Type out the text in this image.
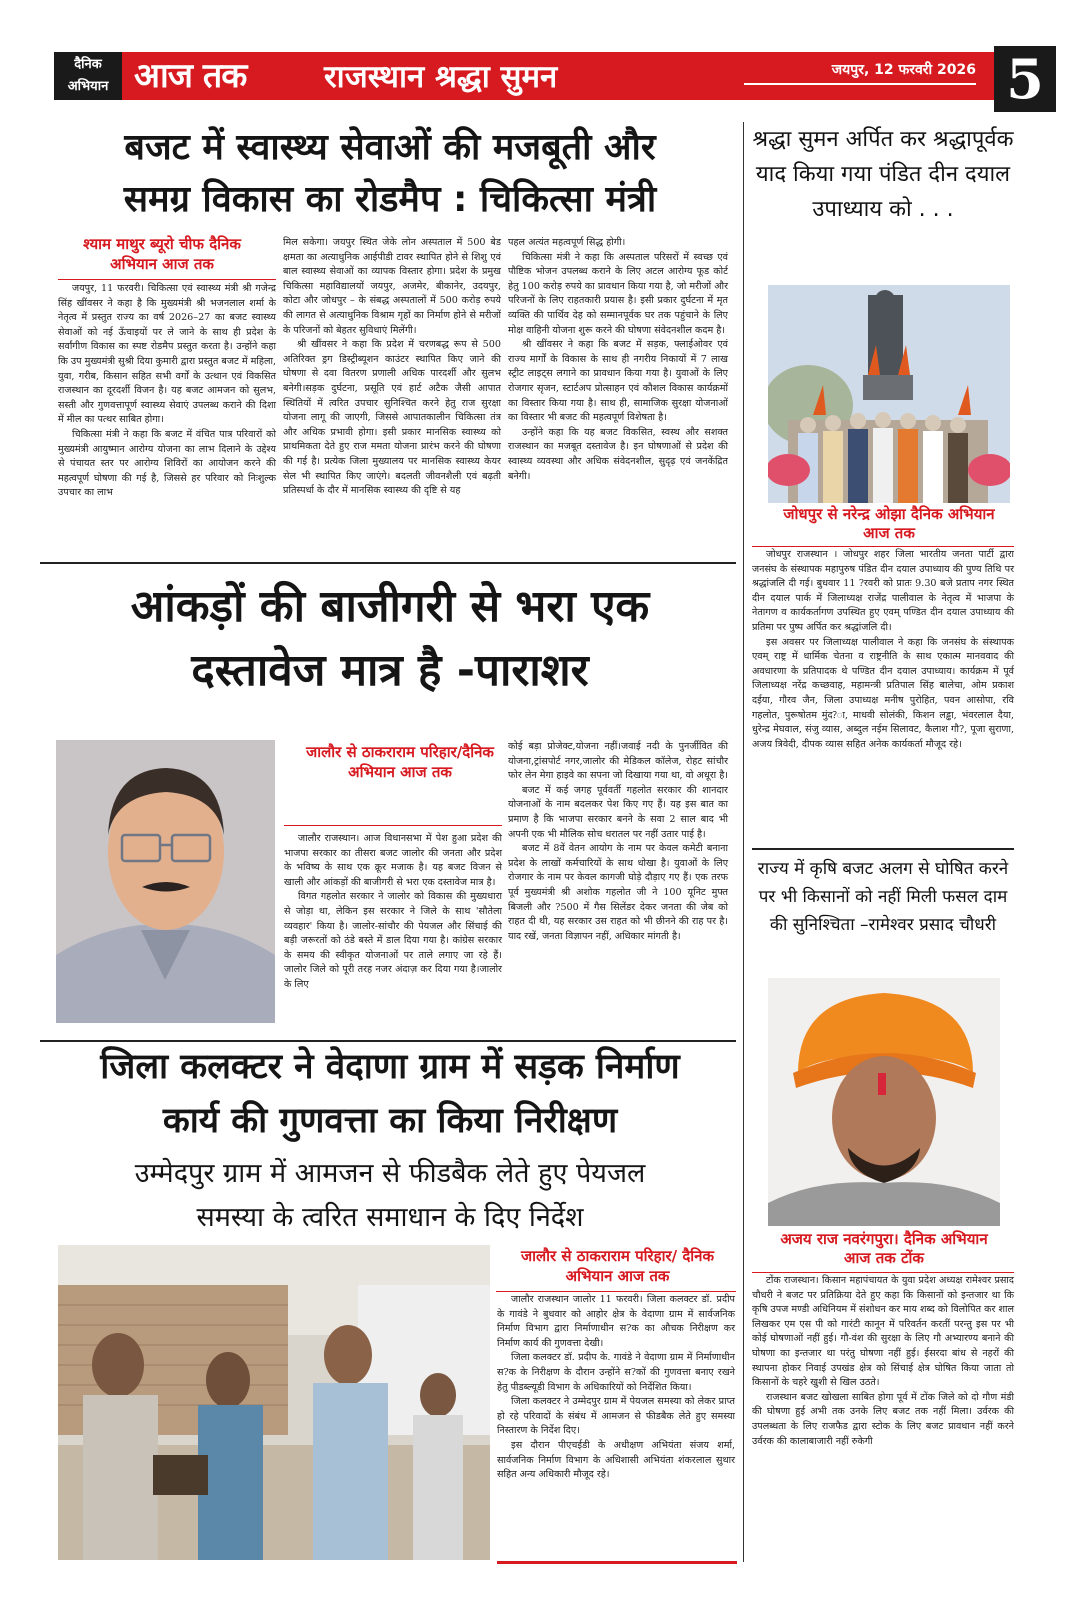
दैनिक
अभियान आज तक	राजस्थान श्रद्धा सुमन	जयपुर, 12 फरवरी 2026 5
बजट में स्वास्थ्य सेवाओं की मजबूती और
समग्र विकास का रोडमैप : चिकित्सा मंत्री
श्याम माथुर ब्यूरो चीफ दैनिक अभियान आज तक

जयपुर, 11 फरवरी। चिकित्सा एवं स्वास्थ्य मंत्री श्री गजेन्द्र सिंह खींवसर ने कहा है कि मुख्यमंत्री श्री भजनलाल शर्मा के नेतृत्व में प्रस्तुत राज्य का वर्ष 2026–27 का बजट स्वास्थ्य सेवाओं को नई ऊँचाइयों पर ले जाने के साथ ही प्रदेश के सर्वांगीण विकास का स्पष्ट रोडमैप प्रस्तुत करता है। उन्होंने कहा कि उप मुख्यमंत्री सुश्री दिया कुमारी द्वारा प्रस्तुत बजट में महिला, युवा, गरीब, किसान सहित सभी वर्गों के उत्थान एवं विकसित राजस्थान का दूरदर्शी विजन है। यह बजट आमजन को सुलभ, सस्ती और गुणवत्तापूर्ण स्वास्थ्य सेवाएं उपलब्ध कराने की दिशा में मील का पत्थर साबित होगा।

चिकित्सा मंत्री ने कहा कि बजट में वंचित पात्र परिवारों को मुख्यमंत्री आयुष्मान आरोग्य योजना का लाभ दिलाने के उद्देश्य से पंचायत स्तर पर आरोग्य शिविरों का आयोजन करने की महत्वपूर्ण घोषणा की गई है, जिससे हर परिवार को निःशुल्क उपचार का लाभ

मिल सकेगा। जयपुर स्थित जेके लोन अस्पताल में 500 बेड क्षमता का अत्याधुनिक आईपीडी टावर स्थापित होने से शिशु एवं बाल स्वास्थ्य सेवाओं का व्यापक विस्तार होगा। प्रदेश के प्रमुख चिकित्सा महाविद्यालयों जयपुर, अजमेर, बीकानेर, उदयपुर, कोटा और जोधपुर – के संबद्ध अस्पतालों में 500 करोड़ रुपये की लागत से अत्याधुनिक विश्राम गृहों का निर्माण होने से मरीजों के परिजनों को बेहतर सुविधाएं मिलेंगी।

श्री खींवसर ने कहा कि प्रदेश में चरणबद्ध रूप से 500 अतिरिक्त ड्रग डिस्ट्रीब्यूशन काउंटर स्थापित किए जाने की घोषणा से दवा वितरण प्रणाली अधिक पारदर्शी और सुलभ बनेगी।सड़क दुर्घटना, प्रसूति एवं हार्ट अटैक जैसी आपात स्थितियों में त्वरित उपचार सुनिश्चित करने हेतु राज सुरक्षा योजना लागू की जाएगी, जिससे आपातकालीन चिकित्सा तंत्र और अधिक प्रभावी होगा। इसी प्रकार मानसिक स्वास्थ्य को प्राथमिकता देते हुए राज ममता योजना प्रारंभ करने की घोषणा की गई है। प्रत्येक जिला मुख्यालय पर मानसिक स्वास्थ्य केयर सेल भी स्थापित किए जाएंगे। बदलती जीवनशैली एवं बढ़ती प्रतिस्पर्धा के दौर में मानसिक स्वास्थ्य की दृष्टि से यह

पहल अत्यंत महत्वपूर्ण सिद्ध होगी।

चिकित्सा मंत्री ने कहा कि अस्पताल परिसरों में स्वच्छ एवं पौष्टिक भोजन उपलब्ध कराने के लिए अटल आरोग्य फूड कोर्ट हेतु 100 करोड़ रुपये का प्रावधान किया गया है, जो मरीजों और परिजनों के लिए राहतकारी प्रयास है। इसी प्रकार दुर्घटना में मृत व्यक्ति की पार्थिव देह को सम्मानपूर्वक घर तक पहुंचाने के लिए मोक्ष वाहिनी योजना शुरू करने की घोषणा संवेदनशील कदम है।

श्री खींवसर ने कहा कि बजट में सड़क, फ्लाईओवर एवं राज्य मार्गों के विकास के साथ ही नगरीय निकायों में 7 लाख स्ट्रीट लाइट्स लगाने का प्रावधान किया गया है। युवाओं के लिए रोजगार सृजन, स्टार्टअप प्रोत्साहन एवं कौशल विकास कार्यक्रमों का विस्तार किया गया है। साथ ही, सामाजिक सुरक्षा योजनाओं का विस्तार भी बजट की महत्वपूर्ण विशेषता है।

उन्होंने कहा कि यह बजट विकसित, स्वस्थ और सशक्त राजस्थान का मजबूत दस्तावेज है। इन घोषणाओं से प्रदेश की स्वास्थ्य व्यवस्था और अधिक संवेदनशील, सुदृढ़ एवं जनकेंद्रित बनेगी।

आंकड़ों की बाजीगरी से भरा एक
दस्तावेज मात्र है -पाराशर
जालौर से ठाकराराम परिहार/दैनिक अभियान आज तक

जालौर राजस्थान। आज विधानसभा में पेश हुआ प्रदेश की भाजपा सरकार का तीसरा बजट जालोर की जनता और प्रदेश के भविष्य के साथ एक क्रूर मजाक है। यह बजट विजन से खाली और आंकड़ों की बाजीगरी से भरा एक दस्तावेज मात्र है।

विगत गहलोत सरकार ने जालोर को विकास की मुख्यधारा से जोड़ा था, लेकिन इस सरकार ने जिले के साथ 'सौतेला व्यवहार' किया है। जालोर-सांचौर की पेयजल और सिंचाई की बड़ी जरूरतों को ठंडे बस्ते में डाल दिया गया है। कांग्रेस सरकार के समय की स्वीकृत योजनाओं पर ताले लगाए जा रहे हैं। जालोर जिले को पूरी तरह नजर अंदाज़ कर दिया गया है।जालोर के लिए

कोई बड़ा प्रोजेक्ट,योजना नहीं।जवाई नदी के पुनर्जीवित की योजना,ट्रांसपोर्ट नगर,जालोर की मेडिकल कॉलेज, रोहट सांचौर फोर लेन मेगा हाइवे का सपना जो दिखाया गया था, वो अधूरा है।

बजट में कई जगह पूर्ववर्ती गहलोत सरकार की शानदार योजनाओं के नाम बदलकर पेश किए गए हैं। यह इस बात का प्रमाण है कि भाजपा सरकार बनने के सवा 2 साल बाद भी अपनी एक भी मौलिक सोच धरातल पर नहीं उतार पाई है।

बजट में 8वें वेतन आयोग के नाम पर केवल कमेटी बनाना प्रदेश के लाखों कर्मचारियों के साथ धोखा है। युवाओं के लिए रोजगार के नाम पर केवल कागजी घोड़े दौड़ाए गए हैं। एक तरफ पूर्व मुख्यमंत्री श्री अशोक गहलोत जी ने 100 यूनिट मुफ्त बिजली और ?500 में गैस सिलेंडर देकर जनता की जेब को राहत दी थी, यह सरकार उस राहत को भी छीनने की राह पर है। याद रखें, जनता विज्ञापन नहीं, अधिकार मांगती है।

जिला कलक्टर ने वेदाणा ग्राम में सड़क निर्माण
कार्य की गुणवत्ता का किया निरीक्षण
उम्मेदपुर ग्राम में आमजन से फीडबैक लेते हुए पेयजल
समस्या के त्वरित समाधान के दिए निर्देश
जालौर से ठाकराराम परिहार/ दैनिक अभियान आज तक

जालौर राजस्थान जालोर 11 फरवरी। जिला कलक्टर डॉ. प्रदीप के गावंडे ने बुधवार को आहोर क्षेत्र के वेदाणा ग्राम में सार्वजनिक निर्माण विभाग द्वारा निर्माणाधीन स?क का औचक निरीक्षण कर निर्माण कार्य की गुणवत्ता देखी।

जिला कलक्टर डॉ. प्रदीप के. गावंडे ने वेदाणा ग्राम में निर्माणाधीन स?क के निरीक्षण के दौरान उन्होंने स?कों की गुणवत्ता बनाए रखने हेतु पीडब्ल्यूडी विभाग के अधिकारियों को निर्देशित किया।

जिला कलक्टर ने उम्मेदपुर ग्राम में पेयजल समस्या को लेकर प्राप्त हो रहे परिवादों के संबंध में आमजन से फीडबैक लेते हुए समस्या निस्तारण के निर्देश दिए।

इस दौरान पीएचईडी के अधीक्षण अभियंता संजय शर्मा, सार्वजनिक निर्माण विभाग के अधिशासी अभियंता शंकरलाल सुथार सहित अन्य अधिकारी मौजूद रहे।

श्रद्धा सुमन अर्पित कर श्रद्धापूर्वक याद किया गया पंडित दीन दयाल उपाध्याय को . . .
जोधपुर से नरेन्द्र ओझा दैनिक अभियान आज तक

जोधपुर राजस्थान । जोधपुर शहर जिला भारतीय जनता पार्टी द्वारा जनसंघ के संस्थापक महापुरुष पंडित दीन दयाल उपाध्याय की पुण्य तिथि पर श्रद्धांजलि दी गई। बुधवार 11 ?रवरी को प्रातः 9.30 बजे प्रताप नगर स्थित दीन दयाल पार्क में जिलाध्यक्ष राजेंद्र पालीवाल के नेतृत्व में भाजपा के नेतागण व कार्यकर्तागण उपस्थित हुए एवम् पण्डित दीन दयाल उपाध्याय की प्रतिमा पर पुष्प अर्पित कर श्रद्धांजलि दी।

इस अवसर पर जिलाध्यक्ष पालीवाल ने कहा कि जनसंघ के संस्थापक एवम् राष्ट्र में धार्मिक चेतना व राष्ट्रनीति के साथ एकात्म मानववाद की अवधारणा के प्रतिपादक थे पण्डित दीन दयाल उपाध्याय। कार्यक्रम में पूर्व जिलाध्यक्ष नरेंद्र कच्छवाह, महामन्त्री प्रतिपाल सिंह बालेचा, ओम प्रकाश दईया, गौरव जैन, जिला उपाध्यक्ष मनीष पुरोहित, पवन आसोपा, रवि गहलोत, पुरूषोतम मुंद?ा, माधवी सोलंकी, किशन लड्ढा, भंवरलाल दैया, धुरेन्द्र मेघवाल, संजु व्यास, अब्दुल नईम सिलावट, कैलाश गौ?, पूजा सुराणा, अजय त्रिवेदी, दीपक व्यास सहित अनेक कार्यकर्ता मौजूद रहे।

राज्य में कृषि बजट अलग से घोषित करने पर भी किसानों को नहीं मिली फसल दाम की सुनिश्चिता –रामेश्वर प्रसाद चौधरी
अजय राज नवरंगपुरा। दैनिक अभियान आज तक टोंक

टोंक राजस्थान। किसान महापंचायत के युवा प्रदेश अध्यक्ष रामेश्वर प्रसाद चौधरी ने बजट पर प्रतिक्रिया देते हुए कहा कि किसानों को इन्तजार था कि कृषि उपज मण्डी अधिनियम में संशोधन कर माय शब्द को विलोपित कर शाल लिखकर एम एस पी को गारंटी कानून में परिवर्तन करतीं परन्तु इस पर भी कोई घोषणाओं नहीं हुई। गौ-वंश की सुरक्षा के लिए गौ अभ्यारण्य बनाने की घोषणा का इन्तजार था परंतु घोषणा नहीं हुई। ईसरदा बांध से नहरों की स्थापना होकर निवाई उपखंड क्षेत्र को सिंचाई क्षेत्र घोषित किया जाता तो किसानों के चहरे खुशी से खिल उठते।

राजस्थान बजट खोखला साबित होगा पूर्व में टोंक जिले को दो गौण मंडी की घोषणा हुई अभी तक उनके लिए बजट तक नहीं मिला। उर्वरक की उपलब्धता के लिए राजफैड द्वारा स्टोक के लिए बजट प्रावधान नहीं करने उर्वरक की कालाबाजारी नहीं रुकेगी
